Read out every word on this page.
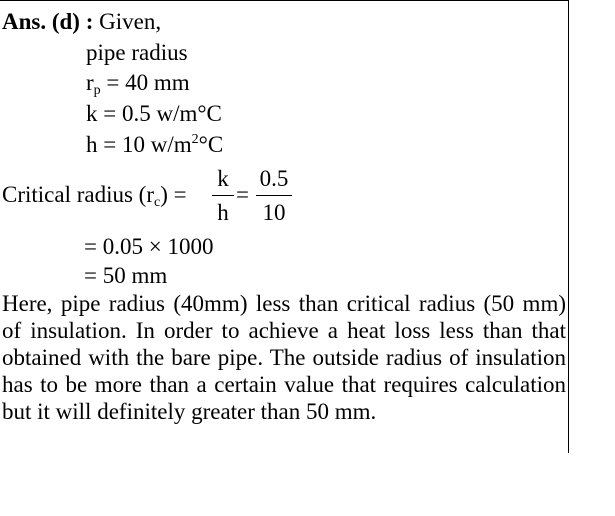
Ans. (d) : Given,
pipe radius
$r_p = 40$ mm
k = 0.5 w/m°C
h = 10 $w/m^2^\circ C$
Critical radius $(r_c)$ =
k
h
=
0.5
10
= 0.05 × 1000
= 50 mm
Here, pipe radius (40mm) less than critical radius (50 mm) of insulation. In order to achieve a heat loss less than that obtained with the bare pipe. The outside radius of insulation has to be more than a certain value that requires calculation but it will definitely greater than 50 mm.
